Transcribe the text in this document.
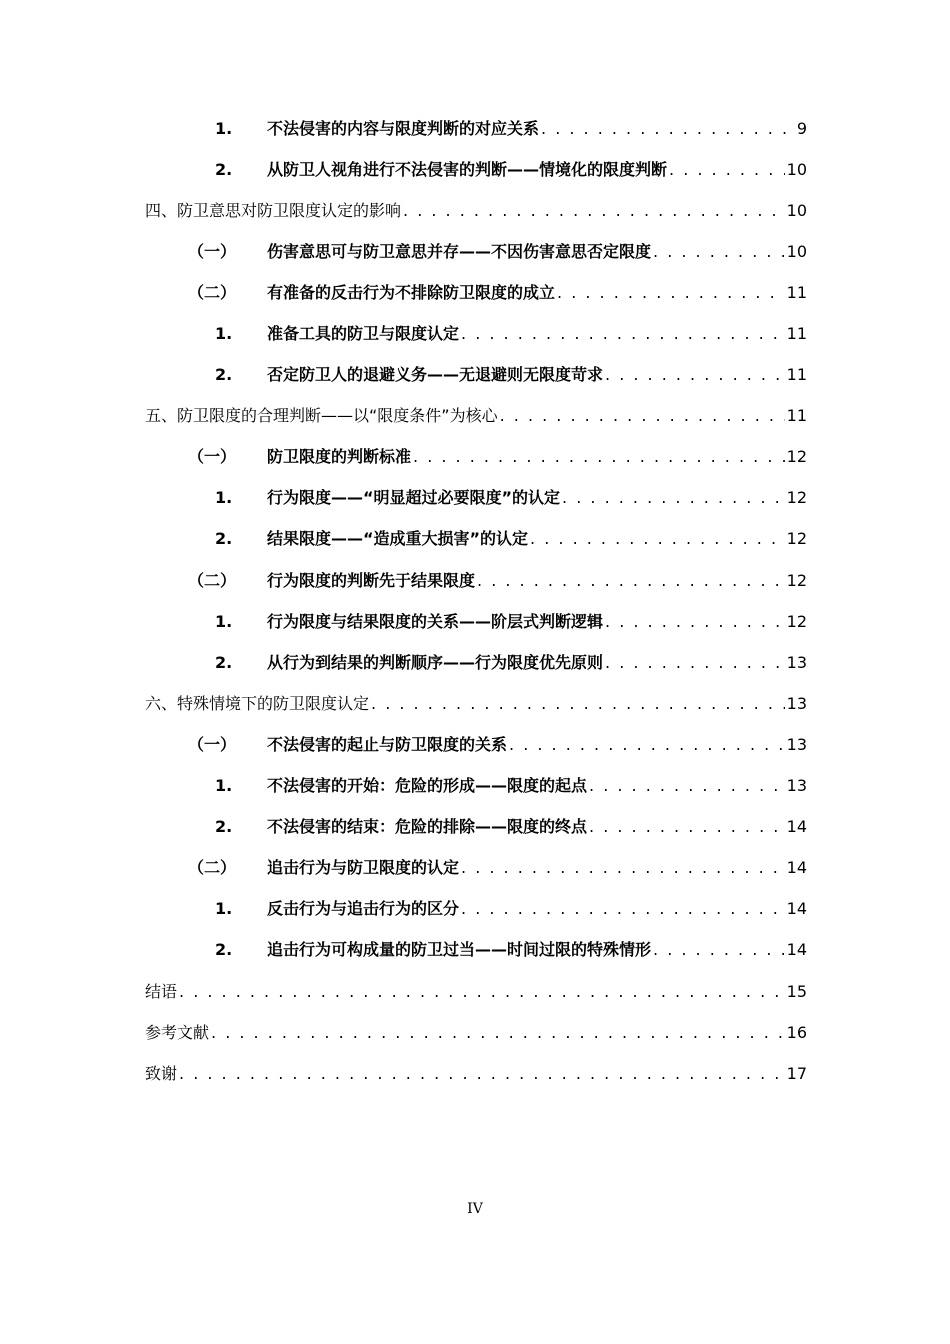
1. 不法侵害的内容与限度判断的对应关系 . . .	9
2. 从防卫人视角进行不法侵害的判断——情境化的限度判断 . . .	10
四、防卫意思对防卫限度认定的影响 . . .	10
（一） 伤害意思可与防卫意思并存——不因伤害意思否定限度 . . .	10
（二） 有准备的反击行为不排除防卫限度的成立 . . .	11
1. 准备工具的防卫与限度认定 . . .	11
2. 否定防卫人的退避义务——无退避则无限度苛求 . . .	11
五、防卫限度的合理判断——以“限度条件”为核心 . . .	11
（一） 防卫限度的判断标准 . . .	12
1. 行为限度——“明显超过必要限度”的认定 . . .	12
2. 结果限度——“造成重大损害”的认定 . . .	12
（二） 行为限度的判断先于结果限度 . . .	12
1. 行为限度与结果限度的关系——阶层式判断逻辑 . . .	12
2. 从行为到结果的判断顺序——行为限度优先原则 . . .	13
六、特殊情境下的防卫限度认定 . . .	13
（一） 不法侵害的起止与防卫限度的关系 . . .	13
1. 不法侵害的开始：危险的形成——限度的起点 . . .	13
2. 不法侵害的结束：危险的排除——限度的终点 . . .	14
（二） 追击行为与防卫限度的认定 . . .	14
1. 反击行为与追击行为的区分 . . .	14
2. 追击行为可构成量的防卫过当——时间过限的特殊情形 . . .	14
结语 . . .	15
参考文献 . . .	16
致谢 . . .	17
IV
